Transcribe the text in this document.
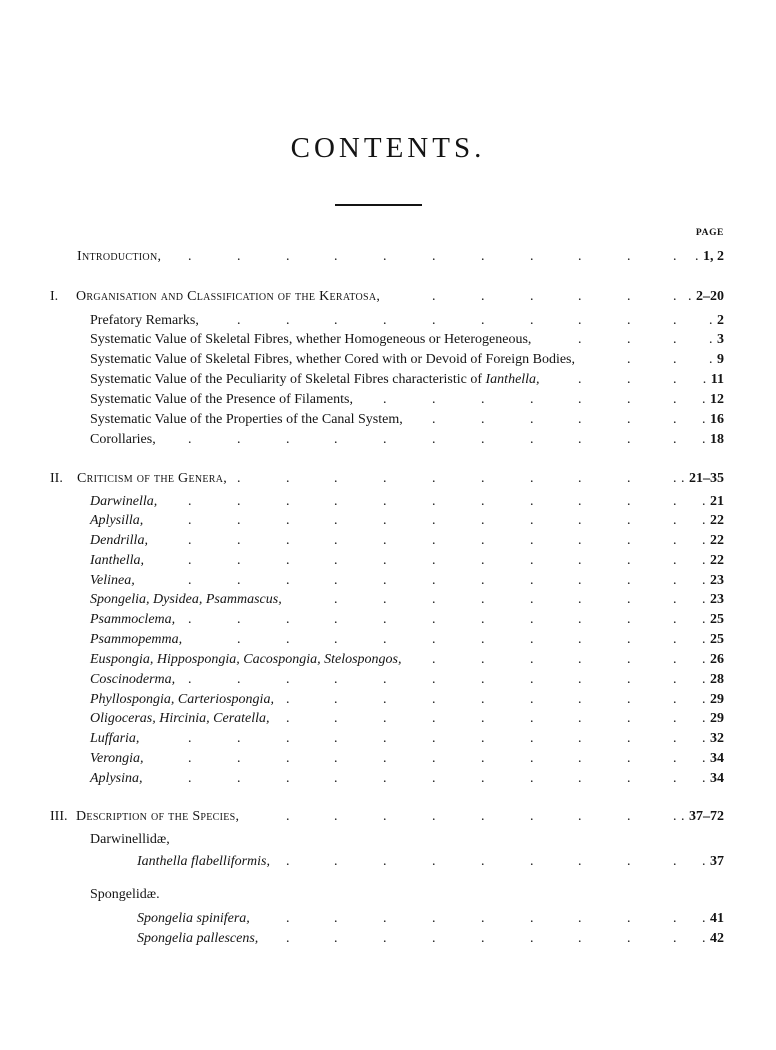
CONTENTS.
PAGE
Introduction, .	.	.	.	.	.	.	.	.	.	. . 1, 2
I. Organisation and Classification of the Keratosa,	.	.	.	.	.	. . 2–20
Prefatory Remarks,	.	.	.	.	.	.	.	.	.	. . 2
Systematic Value of Skeletal Fibres, whether Homogeneous or Heterogeneous,	.	.	. . 3
Systematic Value of Skeletal Fibres, whether Cored with or Devoid of Foreign Bodies,	.	. . 9
Systematic Value of the Peculiarity of Skeletal Fibres characteristic of Ianthella,	.	.	. . 11
Systematic Value of the Presence of Filaments, .	.	.	.	.	.	. . 12
Systematic Value of the Properties of the Canal System, .	.	.	.	.	. . 16
Corollaries, .	.	.	.	.	.	.	.	.	.	. . 18
II. Criticism of the Genera, .	.	.	.	.	.	.	.	.	. . 21–35
Darwinella, .	.	.	.	.	.	.	.	.	.	. . 21
Aplysilla,	.	.	.	.	.	.	.	.	.	.	. . 22
Dendrilla,	.	.	.	.	.	.	.	.	.	.	. . 22
Ianthella,	.	.	.	.	.	.	.	.	.	.	. . 22
Velinea,	.	.	.	.	.	.	.	.	.	.	. . 23
Spongelia, Dysidea, Psammascus,	.	.	.	.	.	.	.	. . 23
Psammoclema, .	.	.	.	.	.	.	.	.	.	. . 25
Psammopemma,	.	.	.	.	.	.	.	.	.	. . 25
Euspongia, Hippospongia, Cacospongia, Stelospongos, .	.	.	.	.	. . 26
Coscinoderma, .	.	.	.	.	.	.	.	.	.	. . 28
Phyllospongia, Carteriospongia, .	.	.	.	.	.	.	.	. . 29
Oligoceras, Hircinia, Ceratella, .	.	.	.	.	.	.	.	. . 29
Luffaria,	.	.	.	.	.	.	.	.	.	.	. . 32
Verongia,	.	.	.	.	.	.	.	.	.	.	. . 34
Aplysina,	.	.	.	.	.	.	.	.	.	.	. . 34
III. Description of the Species,	.	.	.	.	.	.	.	.	. . 37–72
Darwinellidæ,
Ianthella flabelliformis, .	.	.	.	.	.	.	.	. . 37
Spongelidæ.
Spongelia spinifera,	.	.	.	.	.	.	.	.	. . 41
Spongelia pallescens, .	.	.	.	.	.	.	.	. . 42
